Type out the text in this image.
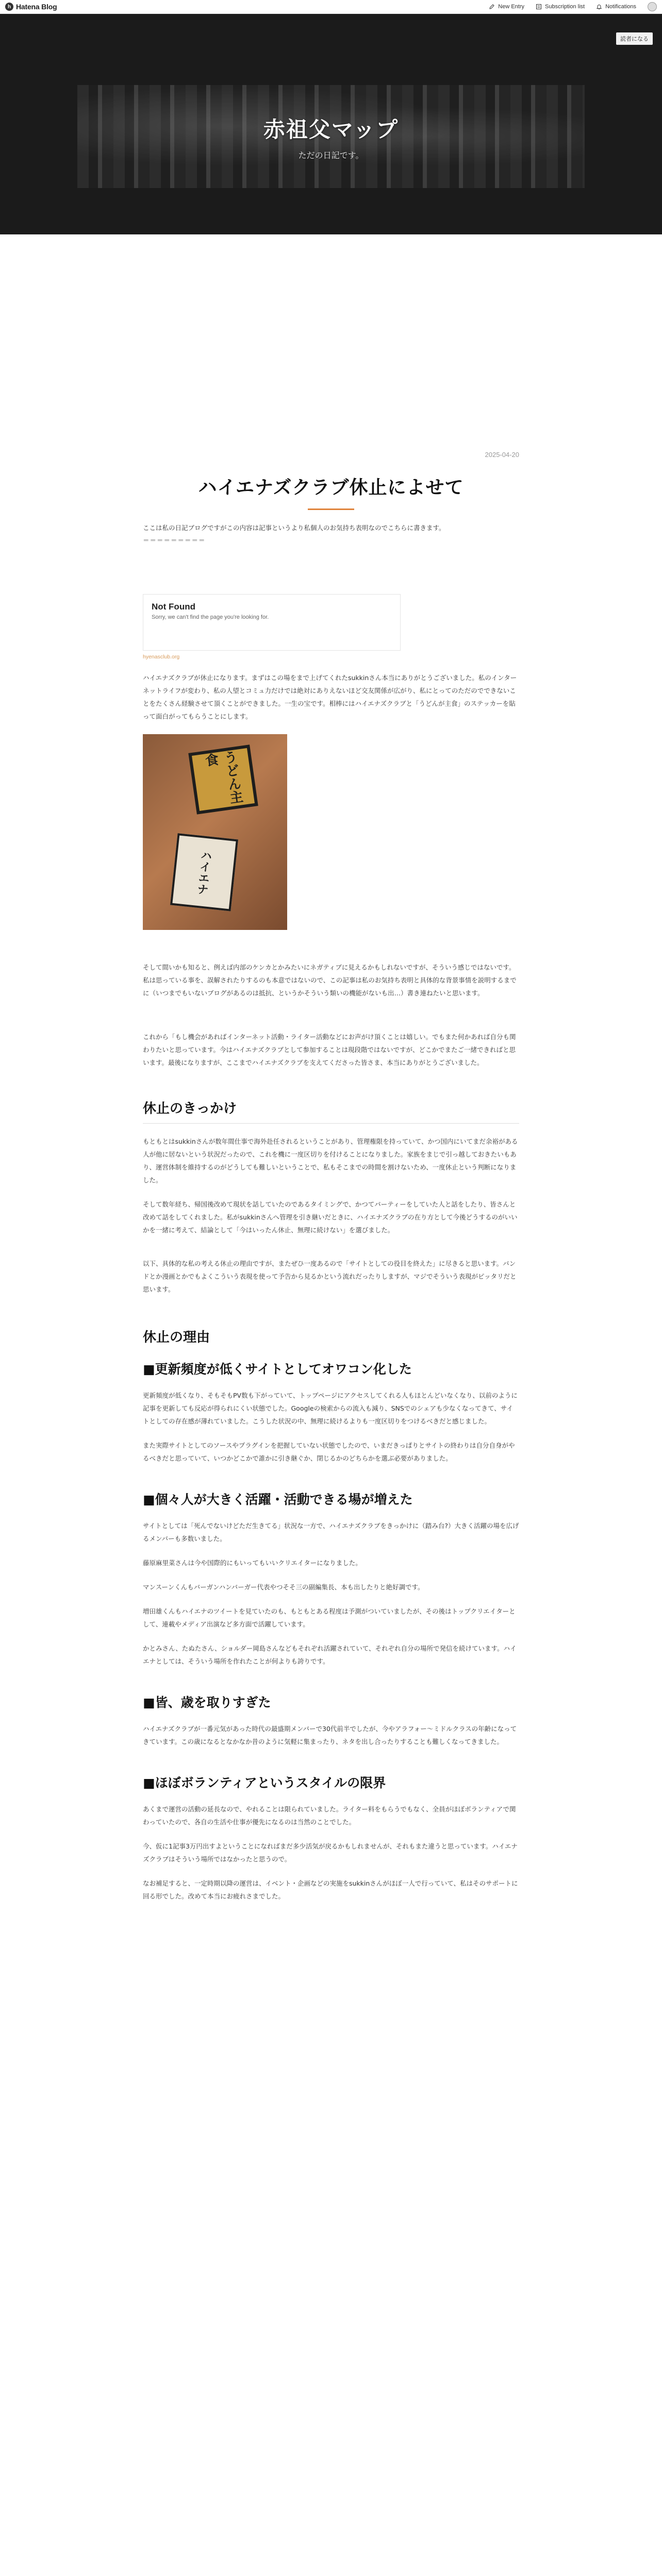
h Hatena Blog	New Entry	Subscription list	Notifications
読者になる
赤祖父マップ
ただの日記です。
2025-04-20
ハイエナズクラブ休止によせて

ここは私の日記ブログですがこの内容は記事というより私個人のお気持ち表明なのでこちらに書きます。

＝＝＝＝＝＝＝＝＝
Not Found
Sorry, we can't find the page you're looking for.
hyenasclub.org

ハイエナズクラブが休止になります。まずはこの場をまで上げてくれたsukkinさん本当にありがとうございました。私のインターネットライフが変わり、私の人望とコミュ力だけでは絶対にありえないほど交友関係が広がり、私にとってのただのでできないことをたくさん経験させて頂くことができました。一生の宝です。相棒にはハイエナズクラブと「うどんが主食」のステッカーを貼って面白がってもらうことにします。

うどん主食
ハイエナ

そして間いかも知ると、例えば内部のケンカとかみたいにネガティブに見えるかもしれないですが、そういう感じではないです。私は思っている事を、誤解されたりするのも本意ではないので、この記事は私のお気持ち表明と具体的な背景事情を説明するまでに（いつまでもいないブログがあるのは抵抗、というかそういう類いの機能がないも出…）書き連ねたいと思います。

これから「もし機会があればインターネット活動・ライター活動などにお声がけ頂くことは嬉しい。でもまた何かあれば自分も関わりたいと思っています。今はハイエナズクラブとして参加することは現段階ではないですが、どこかでまたご一緒できればと思います。最後になりますが、ここまでハイエナズクラブを支えてくださった皆さま、本当にありがとうございました。

休止のきっかけ

もともとはsukkinさんが数年間仕事で海外赴任されるということがあり、管理権限を持っていて、かつ国内にいてまだ余裕がある人が他に居ないという状況だったので、これを機に一度区切りを付けることになりました。家族をまじで引っ越しておきたいもあり、運営体制を維持するのがどうしても難しいということで、私もそこまでの時間を割けないため、一度休止という判断になりました。

そして数年経ち、帰国後改めて現状を話していたのであるタイミングで、かつてパーティーをしていた人と話をしたり、皆さんと改めて話をしてくれました。私がsukkinさんへ管理を引き継いだときに、ハイエナズクラブの在り方として今後どうするのがいいかを一緒に考えて、結論として「今はいったん休止、無理に続けない」を選びました。

以下、具体的な私の考える休止の理由ですが、またぜひ一度あるので「サイトとしての役目を終えた」に尽きると思います。バンドとか漫画とかでもよくこういう表現を使って予告から見るかという流れだったりしますが、マジでそういう表現がピッタリだと思います。

休止の理由
■更新頻度が低くサイトとしてオワコン化した

更新頻度が低くなり、そもそもPV数も下がっていて、トップページにアクセスしてくれる人もほとんどいなくなり、以前のように記事を更新しても反応が得られにくい状態でした。Googleの検索からの流入も減り、SNSでのシェアも少なくなってきて、サイトとしての存在感が薄れていました。こうした状況の中、無理に続けるよりも一度区切りをつけるべきだと感じました。

また実際サイトとしてのソースやプラグインを把握していない状態でしたので、いまだきっぱりとサイトの終わりは自分自身がやるべきだと思っていて、いつかどこかで誰かに引き継ぐか、閉じるかのどちらかを選ぶ必要がありました。

■個々人が大きく活躍・活動できる場が増えた

サイトとしては「死んでないけどただ生きてる」状況な一方で、ハイエナズクラブをきっかけに（踏み台?）大きく活躍の場を広げるメンバーも多数いました。

藤原麻里菜さんは今や国際的にもいってもいいクリエイターになりました。

マンスーンくんもバーガンハンバーガー代表やつそそ三の副編集長、本も出したりと絶好調です。

増田雄くんもハイエナのツイートを見ていたのも、もともとある程度は予測がついていましたが、その後はトップクリエイターとして、連載やメディア出演など多方面で活躍しています。

かとみさん、たぬたさん、ショルダー岡島さんなどもそれぞれ活躍されていて、それぞれ自分の場所で発信を続けています。ハイエナとしては、そういう場所を作れたことが何よりも誇りです。

■皆、歳を取りすぎた

ハイエナズクラブが一番元気があった時代の最盛期メンバーで30代前半でしたが、今やアラフォー〜ミドルクラスの年齢になってきています。この歳になるとなかなか昔のように気軽に集まったり、ネタを出し合ったりすることも難しくなってきました。

■ほぼボランティアというスタイルの限界

あくまで運営の活動の延長なので、やれることは限られていました。ライター料をもらうでもなく、全員がほぼボランティアで関わっていたので、各自の生活や仕事が優先になるのは当然のことでした。

今、仮に1記事3万円出すよということになればまだ多少活気が戻るかもしれませんが、それもまた違うと思っています。ハイエナズクラブはそういう場所ではなかったと思うので。

なお補足すると、一定時期以降の運営は、イベント・企画などの実施をsukkinさんがほぼ一人で行っていて、私はそのサポートに回る形でした。改めて本当にお疲れさまでした。
